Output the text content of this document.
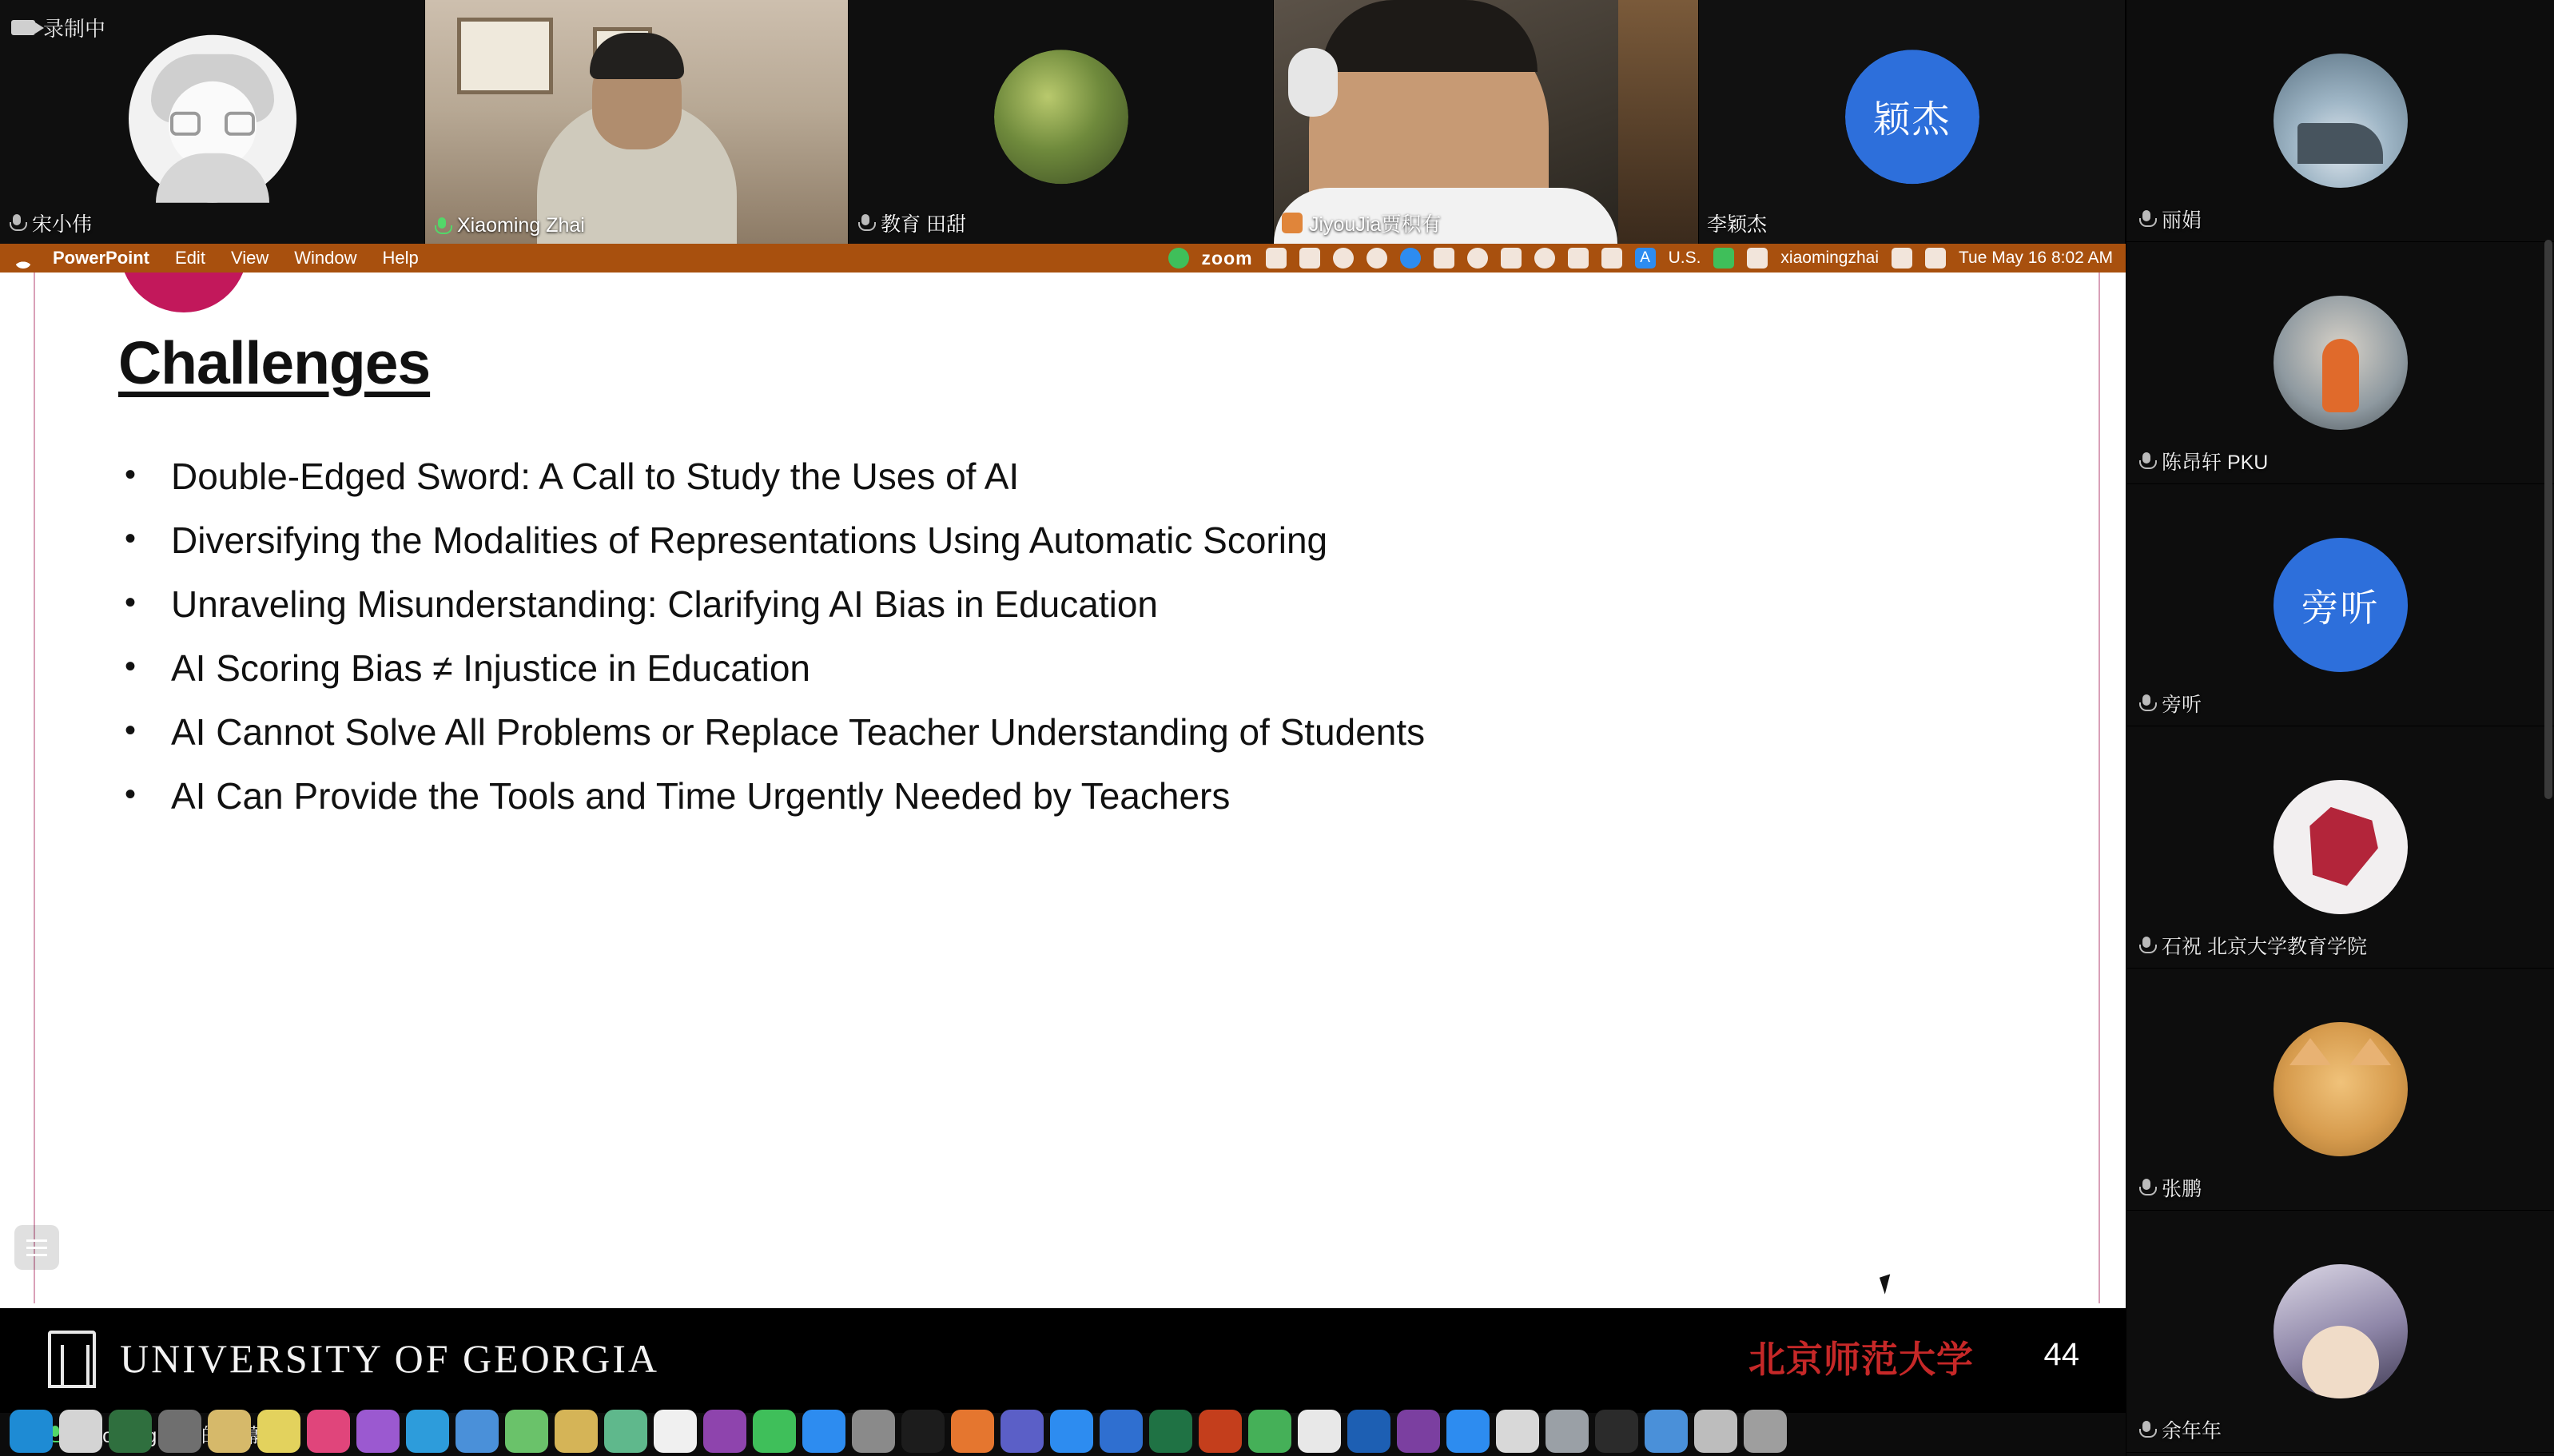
录制中
宋小伟	Xiaoming Zhai	教育 田甜	JiyouJia贾积有
颖杰
李颖杰	丽娟
陈昂轩 PKU
旁听
旁听
石祝 北京大学教育学院
张鹏
余年年
PowerPoint	Edit	View	Window	Help	zoom	A	U.S.	xiaomingzhai	Tue May 16 8:02 AM
Challenges
• Double-Edged Sword: A Call to Study the Uses of AI
• Diversifying the Modalities of Representations Using Automatic Scoring
• Unraveling Misunderstanding: Clarifying AI Bias in Education
• AI Scoring Bias ≠ Injustice in Education
• AI Cannot Solve All Problems or Replace Teacher Understanding of Students
• AI Can Provide the Tools and Time Urgently Needed by Teachers
UNIVERSITY OF GEORGIA	北京师范大学 44
